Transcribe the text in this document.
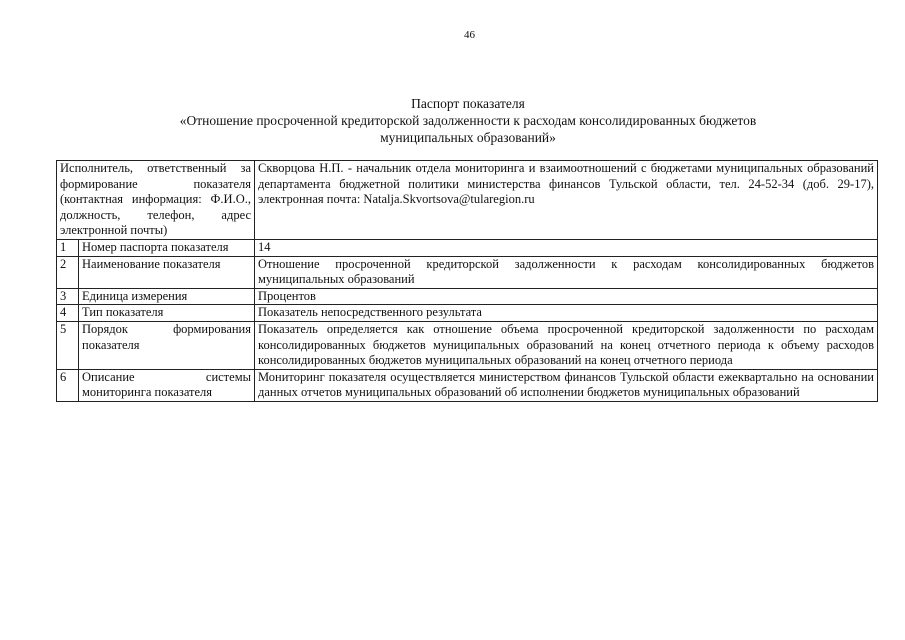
46
Паспорт показателя
«Отношение просроченной кредиторской задолженности к расходам консолидированных бюджетов
муниципальных образований»
Исполнитель, ответственный за формирование показателя (контактная информация: Ф.И.О., должность, телефон, адрес электронной почты)		Скворцова Н.П. - начальник отдела мониторинга и взаимоотношений с бюджетами муниципальных образований департамента бюджетной политики министерства финансов Тульской области, тел. 24-52-34 (доб. 29-17), электронная почта: Natalja.Skvortsova@tularegion.ru
1	Номер паспорта показателя	14
2	Наименование показателя	Отношение просроченной кредиторской задолженности к расходам консолидированных бюджетов муниципальных образований
3	Единица измерения	Процентов
4	Тип показателя	Показатель непосредственного результата
5	Порядок формирования показателя	Показатель определяется как отношение объема просроченной кредиторской задолженности по расходам консолидированных бюджетов муниципальных образований на конец отчетного периода к объему расходов консолидированных бюджетов муниципальных образований на конец отчетного периода
6	Описание системы мониторинга показателя	Мониторинг показателя осуществляется министерством финансов Тульской области ежеквартально на основании данных отчетов муниципальных образований об исполнении бюджетов муниципальных образований
